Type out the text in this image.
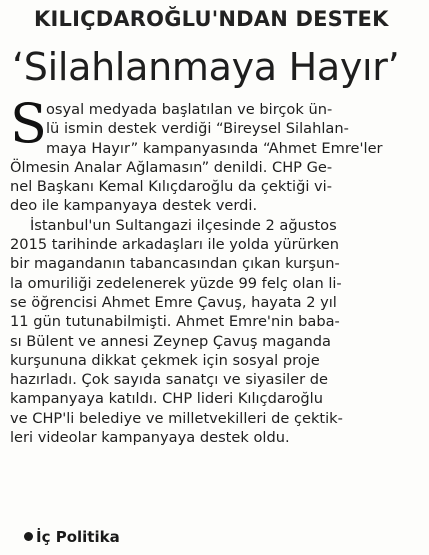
KILIÇDAROĞLU'NDAN DESTEK
‘Silahlanmaya Hayır’
S osyal medyada başlatılan ve birçok ün-
lü ismin destek verdiği “Bireysel Silahlan-
maya Hayır” kampanyasında “Ahmet Emre'ler
Ölmesin Analar Ağlamasın” denildi. CHP Ge-
nel Başkanı Kemal Kılıçdaroğlu da çektiği vi-
deo ile kampanyaya destek verdi.
İstanbul'un Sultangazi ilçesinde 2 ağustos
2015 tarihinde arkadaşları ile yolda yürürken
bir magandanın tabancasından çıkan kurşun-
la omuriliği zedelenerek yüzde 99 felç olan li-
se öğrencisi Ahmet Emre Çavuş, hayata 2 yıl
11 gün tutunabilmişti. Ahmet Emre'nin baba-
sı Bülent ve annesi Zeynep Çavuş maganda
kurşununa dikkat çekmek için sosyal proje
hazırladı. Çok sayıda sanatçı ve siyasiler de
kampanyaya katıldı. CHP lideri Kılıçdaroğlu
ve CHP'li belediye ve milletvekilleri de çektik-
leri videolar kampanyaya destek oldu.
İç Politika
